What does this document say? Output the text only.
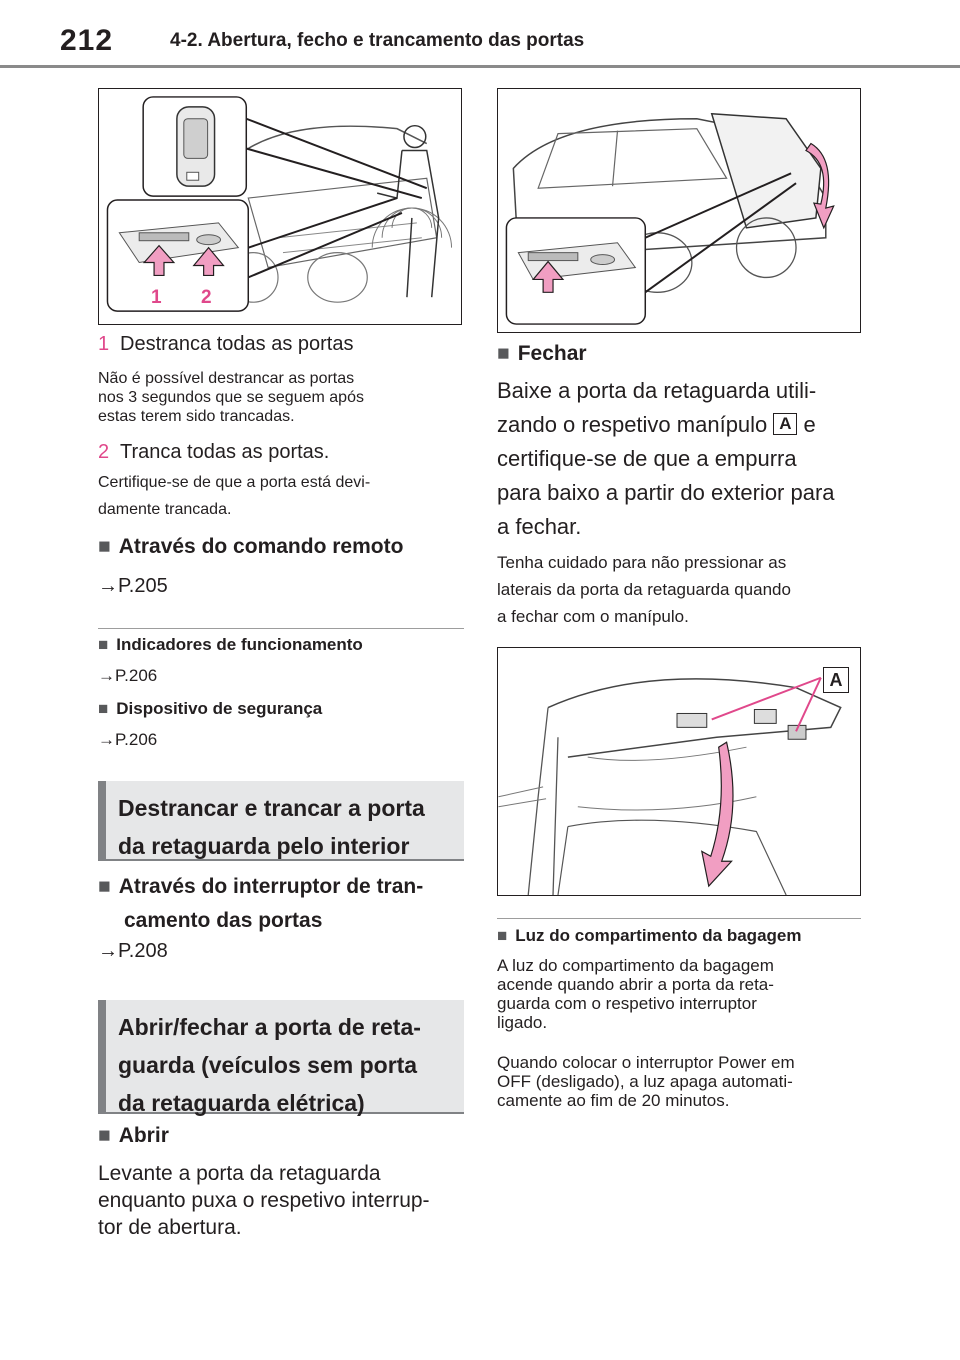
212	4-2. Abertura, fecho e trancamento das portas
1 2
1 Destranca todas as portas
Não é possível destrancar as portas
nos 3 segundos que se seguem após
estas terem sido trancadas.
2 Tranca todas as portas.
Certifique-se de que a porta está devi-
damente trancada.
■ Através do comando remoto
→P.205
■ Indicadores de funcionamento
→P.206
■ Dispositivo de segurança
→P.206
Destrancar e trancar a porta
da retaguarda pelo interior
■ Através do interruptor de tran-
camento das portas
→P.208
Abrir/fechar a porta de reta-
guarda (veículos sem porta
da retaguarda elétrica)
■ Abrir
Levante a porta da retaguarda
enquanto puxa o respetivo interrup-
tor de abertura.
■ Fechar
Baixe a porta da retaguarda utili-
zando o respetivo manípulo A e
certifique-se de que a empurra
para baixo a partir do exterior para
a fechar.
Tenha cuidado para não pressionar as
laterais da porta da retaguarda quando
a fechar com o manípulo.
A
■ Luz do compartimento da bagagem
A luz do compartimento da bagagem
acende quando abrir a porta da reta-
guarda com o respetivo interruptor
ligado.
Quando colocar o interruptor Power em
OFF (desligado), a luz apaga automati-
camente ao fim de 20 minutos.
